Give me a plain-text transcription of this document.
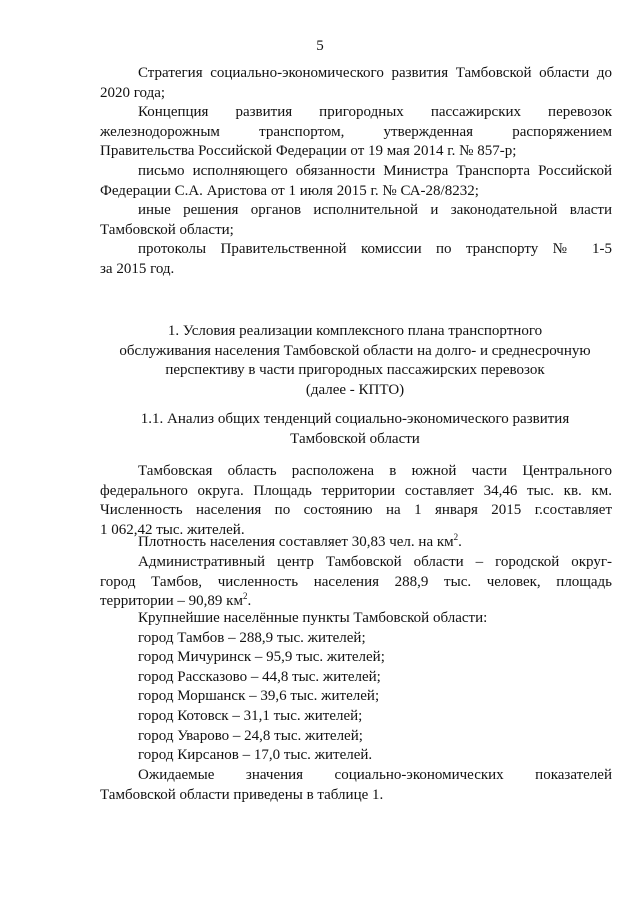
5
Стратегия социально-экономического развития Тамбовской области до
2020 года;
Концепция развития пригородных пассажирских перевозок
железнодорожным транспортом, утвержденная распоряжением
Правительства Российской Федерации от 19 мая 2014 г. № 857-р;
письмо исполняющего обязанности Министра Транспорта Российской
Федерации С.А. Аристова от 1 июля 2015 г. № СА-28/8232;
иные решения органов исполнительной и законодательной власти
Тамбовской области;
протоколы Правительственной комиссии по транспорту № 1-5
за 2015 год.
1. Условия реализации комплексного плана транспортного
обслуживания населения Тамбовской области на долго- и среднесрочную
перспективу в части пригородных пассажирских перевозок
(далее - КПТО)
1.1. Анализ общих тенденций социально-экономического развития
Тамбовской области
Тамбовская область расположена в южной части Центрального
федерального округа. Площадь территории составляет 34,46 тыс. кв. км.
Численность населения по состоянию на 1 января 2015 г.составляет
1 062,42 тыс. жителей.
Плотность населения составляет 30,83 чел. на $км^2$.
Административный центр Тамбовской области – городской округ-
город Тамбов, численность населения 288,9 тыс. человек, площадь
территории – 90,89 $км^2$.
Крупнейшие населённые пункты Тамбовской области:
город Тамбов – 288,9 тыс. жителей;
город Мичуринск – 95,9 тыс. жителей;
город Рассказово – 44,8 тыс. жителей;
город Моршанск – 39,6 тыс. жителей;
город Котовск – 31,1 тыс. жителей;
город Уварово – 24,8 тыс. жителей;
город Кирсанов – 17,0 тыс. жителей.
Ожидаемые значения социально-экономических показателей
Тамбовской области приведены в таблице 1.
